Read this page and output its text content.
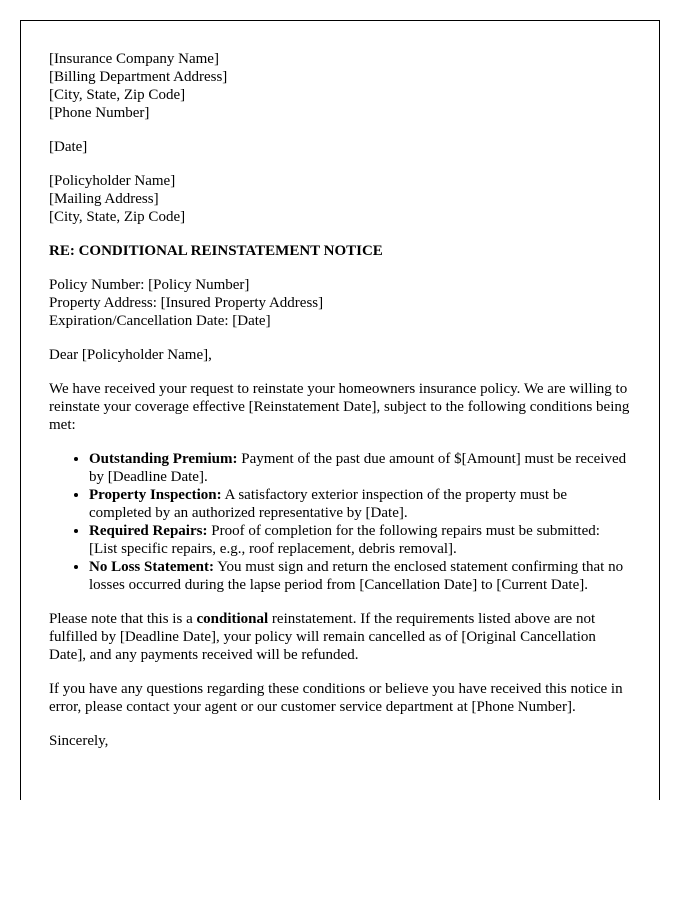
[Insurance Company Name]
[Billing Department Address]
[City, State, Zip Code]
[Phone Number]
[Date]
[Policyholder Name]
[Mailing Address]
[City, State, Zip Code]
RE: CONDITIONAL REINSTATEMENT NOTICE
Policy Number: [Policy Number]
Property Address: [Insured Property Address]
Expiration/Cancellation Date: [Date]

Dear [Policyholder Name],

We have received your request to reinstate your homeowners insurance policy. We are willing to reinstate your coverage effective [Reinstatement Date], subject to the following conditions being met:

• Outstanding Premium: Payment of the past due amount of $[Amount] must be received by [Deadline Date].
• Property Inspection: A satisfactory exterior inspection of the property must be completed by an authorized representative by [Date].
• Required Repairs: Proof of completion for the following repairs must be submitted: [List specific repairs, e.g., roof replacement, debris removal].
• No Loss Statement: You must sign and return the enclosed statement confirming that no losses occurred during the lapse period from [Cancellation Date] to [Current Date].

Please note that this is a conditional reinstatement. If the requirements listed above are not fulfilled by [Deadline Date], your policy will remain cancelled as of [Original Cancellation Date], and any payments received will be refunded.

If you have any questions regarding these conditions or believe you have received this notice in error, please contact your agent or our customer service department at [Phone Number].

Sincerely,
